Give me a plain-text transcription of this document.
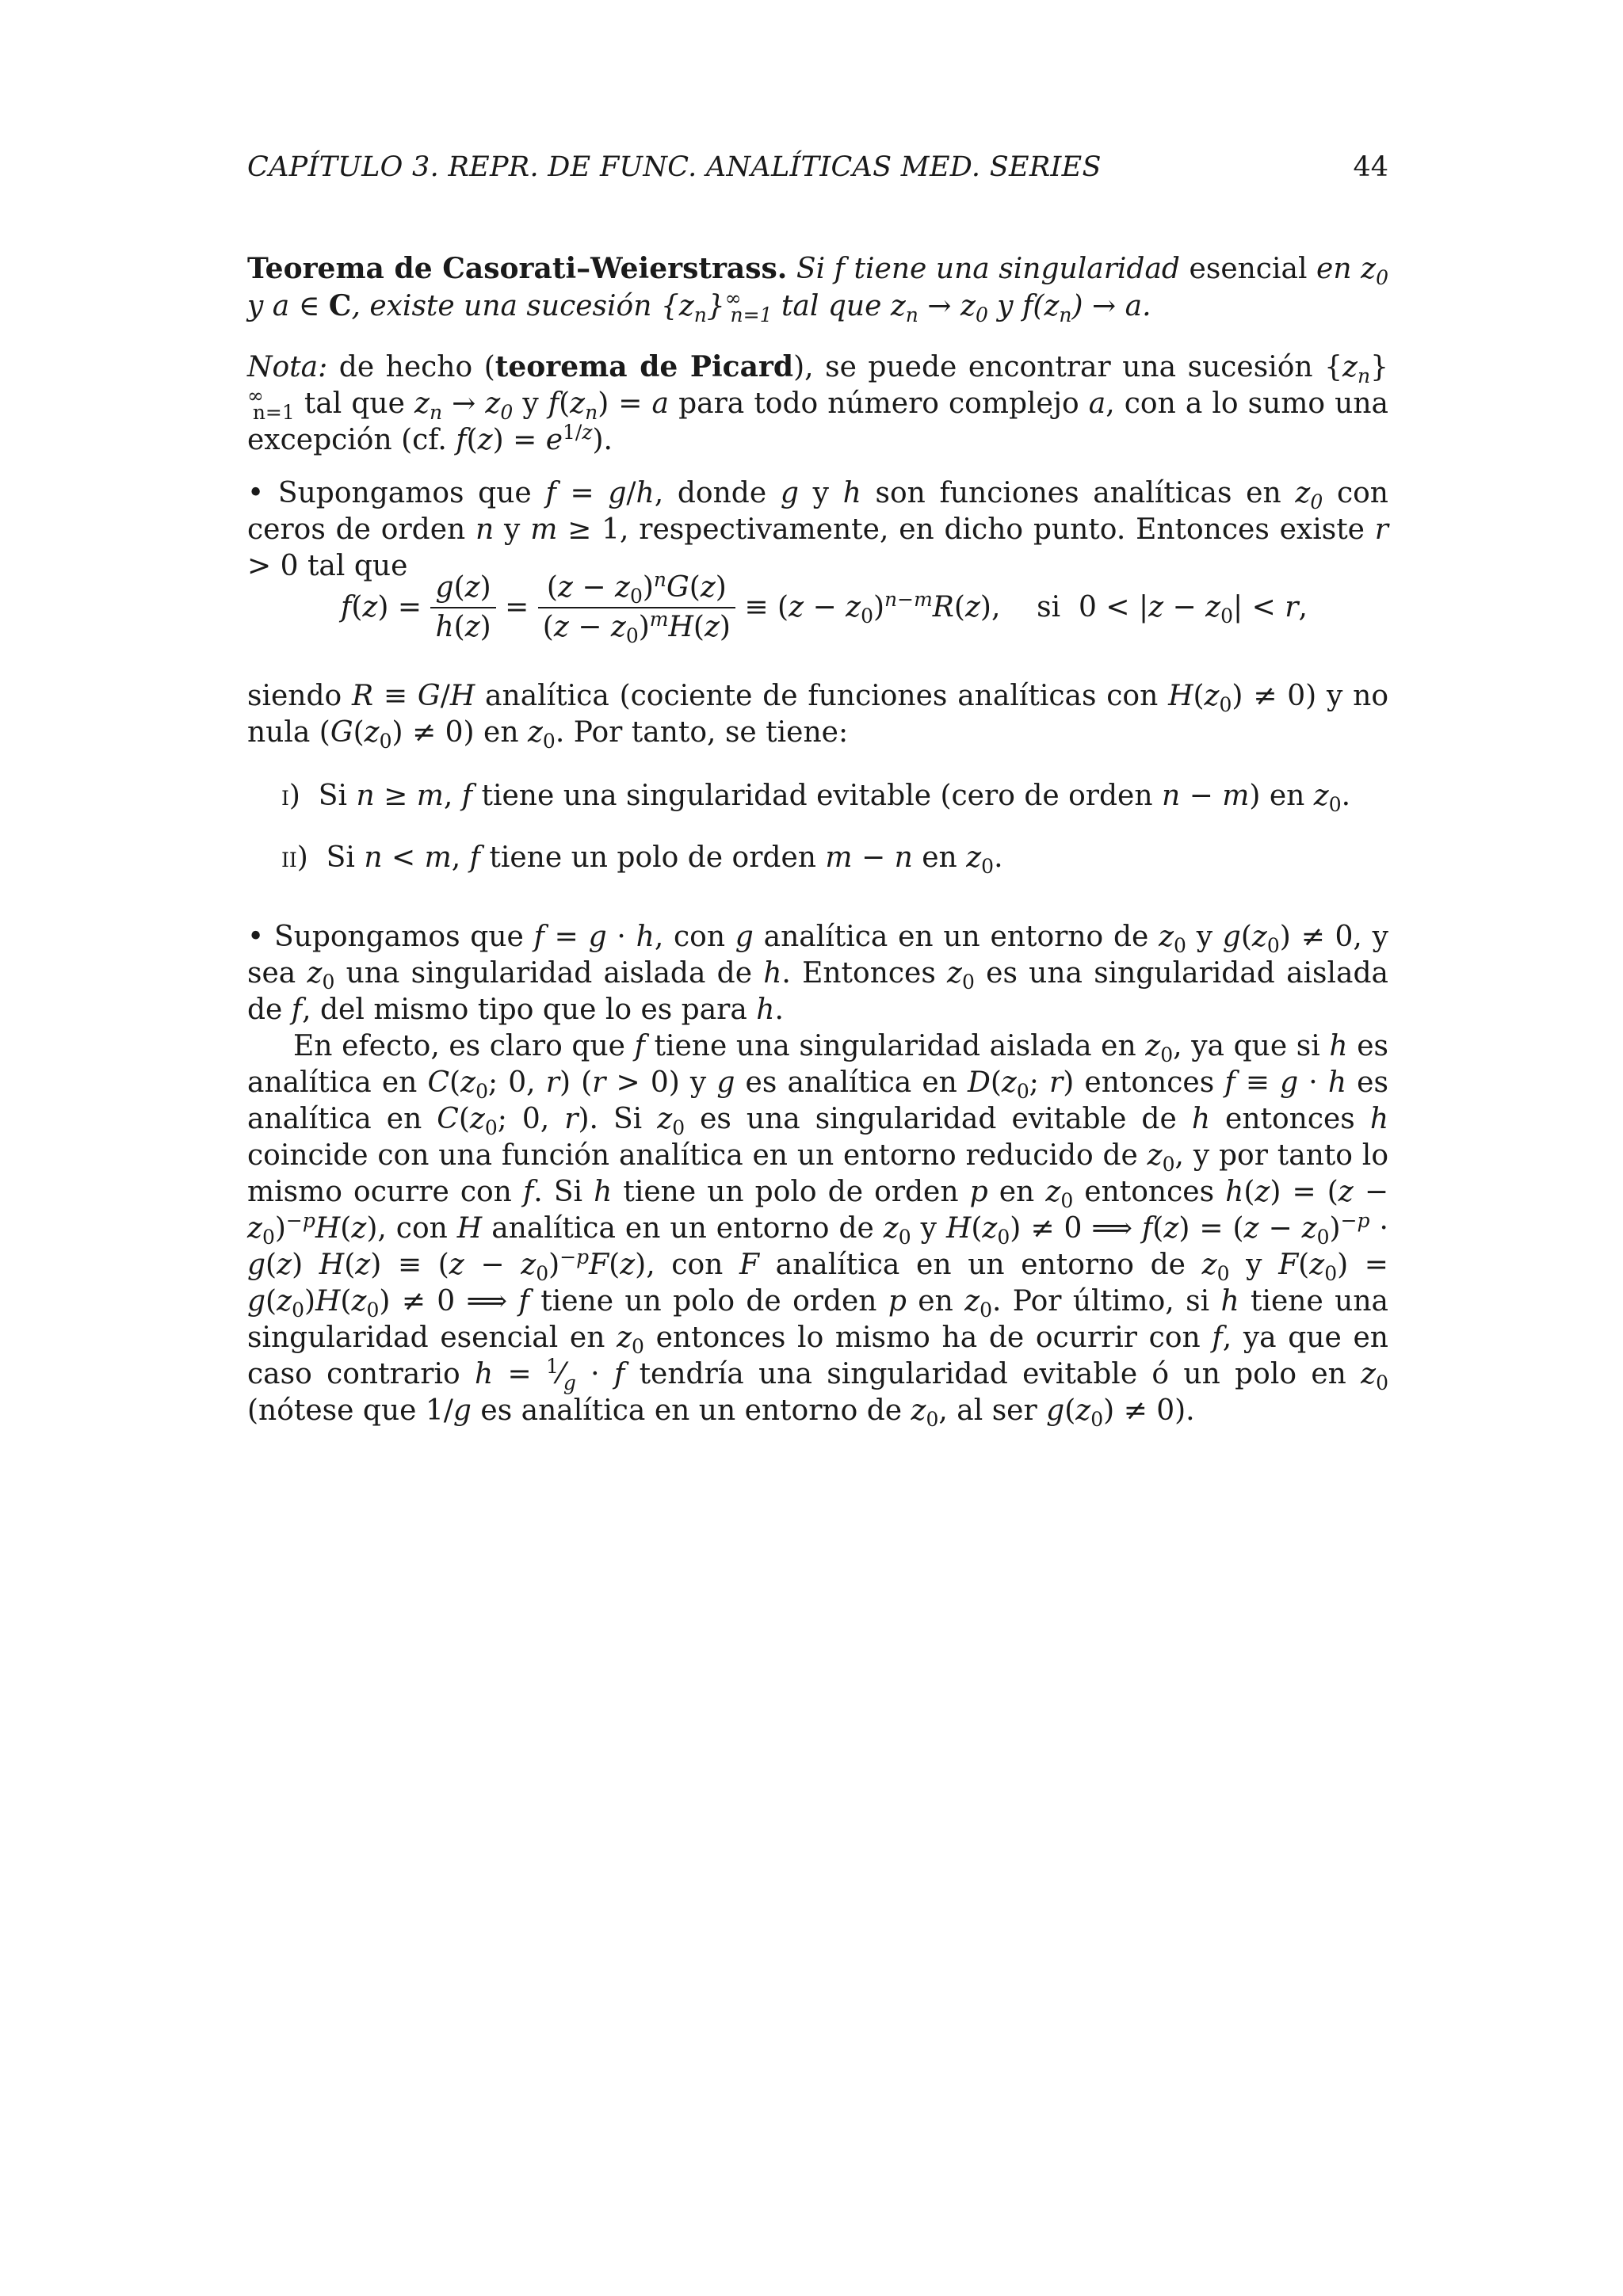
CAPÍTULO 3. REPR. DE FUNC. ANALÍTICAS MED. SERIES	44

Teorema de Casorati–Weierstrass. Si f tiene una singularidad esencial en $z_0$ y a ∈ C, existe una sucesión $\{z_n\}^\infty_{n=1}$ tal que $z_n \to z_0$ y $f(z_n) \to a$.

Nota: de hecho (teorema de Picard), se puede encontrar una sucesión $\{z_n\}^\infty_{n=1}$ tal que $z_n \to z_0$ y $f(z_n) = a$ para todo número complejo a, con a lo sumo una excepción (cf. $f(z) = e^{1/z}$).

• Supongamos que f = g/h, donde g y h son funciones analíticas en $z_0$ con ceros de orden n y m ≥ 1, respectivamente, en dicho punto. Entonces existe r > 0 tal que

$f(z) = \frac{g(z)}{h(z)} = \frac{(z - z_0)^nG(z)}{(z - z_0)^mH(z)} \equiv (z - z_0)^{n-m}R(z)$,    si  $0 < |z - z_0| < r$,

siendo R ≡ G/H analítica (cociente de funciones analíticas con $H(z_0) \ne 0$) y no nula $(G(z_0) \ne 0)$ en $z_0$. Por tanto, se tiene:

i)  Si n ≥ m, f tiene una singularidad evitable (cero de orden n − m) en $z_0$.
ii)  Si n < m, f tiene un polo de orden m − n en $z_0$.

• Supongamos que f = g · h, con g analítica en un entorno de $z_0$ y $g(z_0) \ne 0$, y sea $z_0$ una singularidad aislada de h. Entonces $z_0$ es una singularidad aislada de f, del mismo tipo que lo es para h.

En efecto, es claro que f tiene una singularidad aislada en $z_0$, ya que si h es analítica en $C(z_0$; 0, r) (r > 0) y g es analítica en $D(z_0$; r) entonces f ≡ g · h es analítica en $C(z_0$; 0, r). Si $z_0$ es una singularidad evitable de h entonces h coincide con una función analítica en un entorno reducido de $z_0$, y por tanto lo mismo ocurre con f. Si h tiene un polo de orden p en $z_0$ entonces $h(z) = (z - z_0)^{-p}H(z)$, con H analítica en un entorno de $z_0$ y $H(z_0) \ne 0$ ⟹ $f(z) = (z - z_0)^{-p} \cdot g(z)$ $H(z) \equiv (z - z_0)^{-p}F(z)$, con F analítica en un entorno de $z_0$ y $F(z_0) = g(z_0)H(z_0) \ne 0$ ⟹ f tiene un polo de orden p en $z_0$. Por último, si h tiene una singularidad esencial en $z_0$ entonces lo mismo ha de ocurrir con f, ya que en caso contrario $h = ^1⁄_g \cdot f$ tendría una singularidad evitable ó un polo en $z_0$ (nótese que 1/g es analítica en un entorno de $z_0$, al ser $g(z_0) \ne 0$).
